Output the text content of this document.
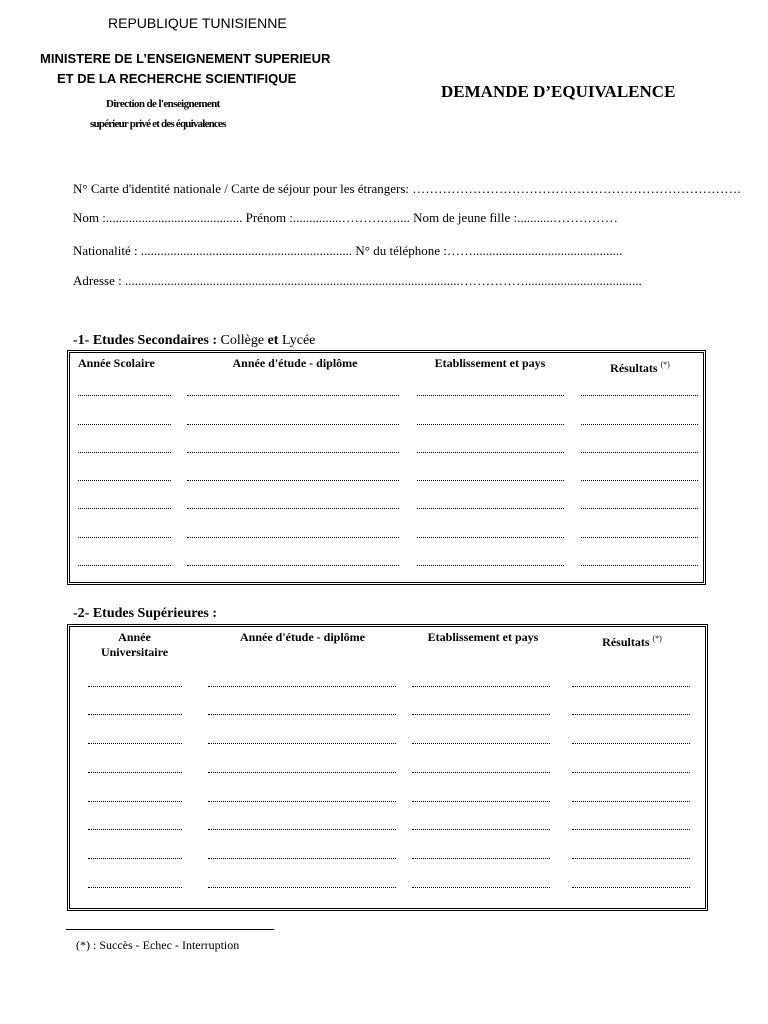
REPUBLIQUE TUNISIENNE
MINISTERE DE L’ENSEIGNEMENT SUPERIEUR
ET DE LA RECHERCHE SCIENTIFIQUE
Direction de l'enseignement
supérieur privé et des équivalences
DEMANDE D’EQUIVALENCE
N° Carte d'identité nationale / Carte de séjour pour les étrangers: ………………………………………………………………….
Nom :.......................................... Prénom :...............……….….... Nom de jeune fille :...........……………
Nationalité : ................................................................. N° du téléphone :……..............................................
Adresse : .......................................................................................................……………....................................
-1- Etudes Secondaires : Collège et Lycée
Année Scolaire	Année d'étude - diplôme	Etablissement et pays	Résultats (*)
-2- Etudes Supérieures :
Année
Universitaire
Année d'étude - diplôme	Etablissement et pays	Résultats (*)
(*) : Succès - Echec - Interruption
